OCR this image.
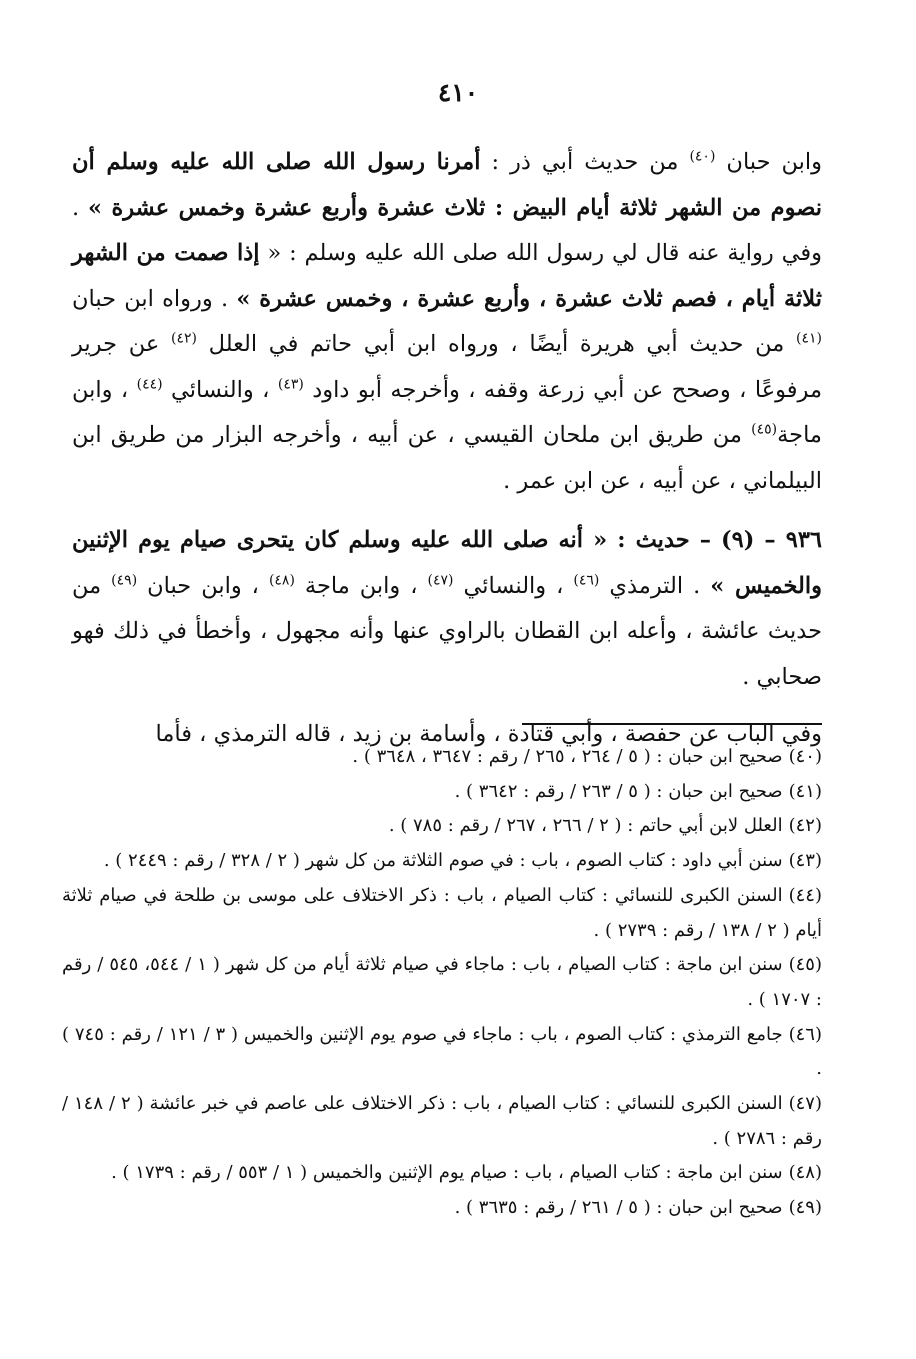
٤١٠

وابن حبان $^{(٤٠)}$ من حديث أبي ذر : أمرنا رسول الله صلى الله عليه وسلم أن نصوم من الشهر ثلاثة أيام البيض : ثلاث عشرة وأربع عشرة وخمس عشرة » . وفي رواية عنه قال لي رسول الله صلى الله عليه وسلم : « إذا صمت من الشهر ثلاثة أيام ، فصم ثلاث عشرة ، وأربع عشرة ، وخمس عشرة » . ورواه ابن حبان $^{(٤١)}$ من حديث أبي هريرة أيضًا ، ورواه ابن أبي حاتم في العلل $^{(٤٢)}$ عن جرير مرفوعًا ، وصحح عن أبي زرعة وقفه ، وأخرجه أبو داود $^{(٤٣)}$ ، والنسائي $^{(٤٤)}$ ، وابن ماجة$^{(٤٥)}$ من طريق ابن ملحان القيسي ، عن أبيه ، وأخرجه البزار من طريق ابن البيلماني ، عن أبيه ، عن ابن عمر .

٩٣٦ – (٩) – حديث : « أنه صلى الله عليه وسلم كان يتحرى صيام يوم الإثنين والخميس » . الترمذي $^{(٤٦)}$ ، والنسائي $^{(٤٧)}$ ، وابن ماجة $^{(٤٨)}$ ، وابن حبان $^{(٤٩)}$ من حديث عائشة ، وأعله ابن القطان بالراوي عنها وأنه مجهول ، وأخطأ في ذلك فهو صحابي .

وفي الباب عن حفصة ، وأبي قتادة ، وأسامة بن زيد ، قاله الترمذي ، فأما

(٤٠)صحيح ابن حبان : ( ٥ / ٢٦٤ ، ٢٦٥ / رقم : ٣٦٤٧ ، ٣٦٤٨ ) .

(٤١)صحيح ابن حبان : ( ٥ / ٢٦٣ / رقم : ٣٦٤٢ ) .

(٤٢)العلل لابن أبي حاتم : ( ٢ / ٢٦٦ ، ٢٦٧ / رقم : ٧٨٥ ) .

(٤٣)سنن أبي داود : كتاب الصوم ، باب : في صوم الثلاثة من كل شهر ( ٢ / ٣٢٨ / رقم : ٢٤٤٩ ) .

(٤٤)السنن الكبرى للنسائي : كتاب الصيام ، باب : ذكر الاختلاف على موسى بن طلحة في صيام ثلاثة أيام ( ٢ / ١٣٨ / رقم : ٢٧٣٩ ) .

(٤٥)سنن ابن ماجة : كتاب الصيام ، باب : ماجاء في صيام ثلاثة أيام من كل شهر ( ١ / ٥٤٤، ٥٤٥ / رقم : ١٧٠٧ ) .

(٤٦)جامع الترمذي : كتاب الصوم ، باب : ماجاء في صوم يوم الإثنين والخميس ( ٣ / ١٢١ / رقم : ٧٤٥ ) .

(٤٧)السنن الكبرى للنسائي : كتاب الصيام ، باب : ذكر الاختلاف على عاصم في خبر عائشة ( ٢ / ١٤٨ / رقم : ٢٧٨٦ ) .

(٤٨)سنن ابن ماجة : كتاب الصيام ، باب : صيام يوم الإثنين والخميس ( ١ / ٥٥٣ / رقم : ١٧٣٩ ) .

(٤٩)صحيح ابن حبان : ( ٥ / ٢٦١ / رقم : ٣٦٣٥ ) .
